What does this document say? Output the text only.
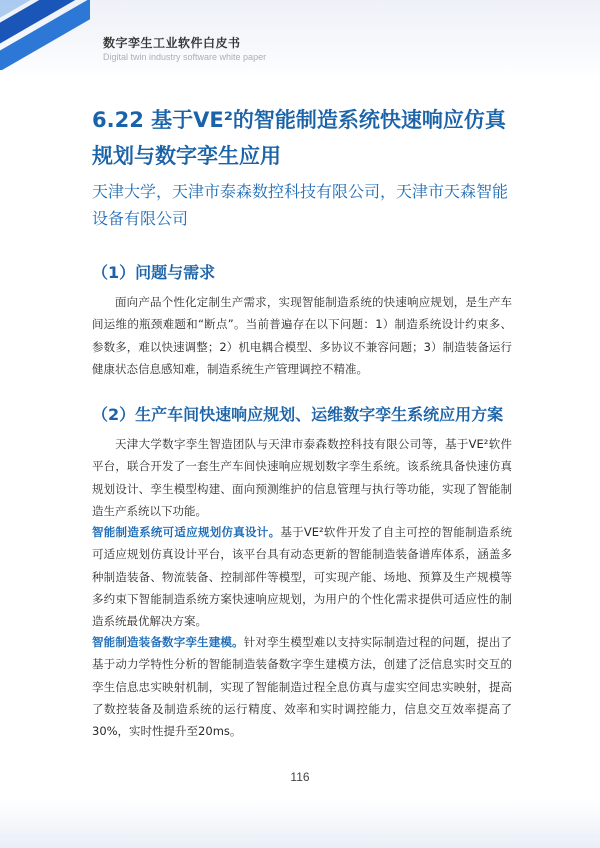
数字孪生工业软件白皮书
Digital twin industry software white paper
6.22 基于VE²的智能制造系统快速响应仿真规划与数字孪生应用
天津大学，天津市泰森数控科技有限公司，天津市天森智能设备有限公司
（1）问题与需求

面向产品个性化定制生产需求，实现智能制造系统的快速响应规划，是生产车间运维的瓶颈难题和“断点”。当前普遍存在以下问题：1）制造系统设计约束多、参数多，难以快速调整；2）机电耦合模型、多协议不兼容问题；3）制造装备运行健康状态信息感知难，制造系统生产管理调控不精准。

（2）生产车间快速响应规划、运维数字孪生系统应用方案

天津大学数字孪生智造团队与天津市泰森数控科技有限公司等，基于VE²软件平台，联合开发了一套生产车间快速响应规划数字孪生系统。该系统具备快速仿真规划设计、孪生模型构建、面向预测维护的信息管理与执行等功能，实现了智能制造生产系统以下功能。

智能制造系统可适应规划仿真设计。基于VE²软件开发了自主可控的智能制造系统可适应规划仿真设计平台，该平台具有动态更新的智能制造装备谱库体系，涵盖多种制造装备、物流装备、控制部件等模型，可实现产能、场地、预算及生产规模等多约束下智能制造系统方案快速响应规划，为用户的个性化需求提供可适应性的制造系统最优解决方案。

智能制造装备数字孪生建模。针对孪生模型难以支持实际制造过程的问题，提出了基于动力学特性分析的智能制造装备数字孪生建模方法，创建了泛信息实时交互的孪生信息忠实映射机制，实现了智能制造过程全息仿真与虚实空间忠实映射，提高了数控装备及制造系统的运行精度、效率和实时调控能力，信息交互效率提高了30%，实时性提升至20ms。

116
